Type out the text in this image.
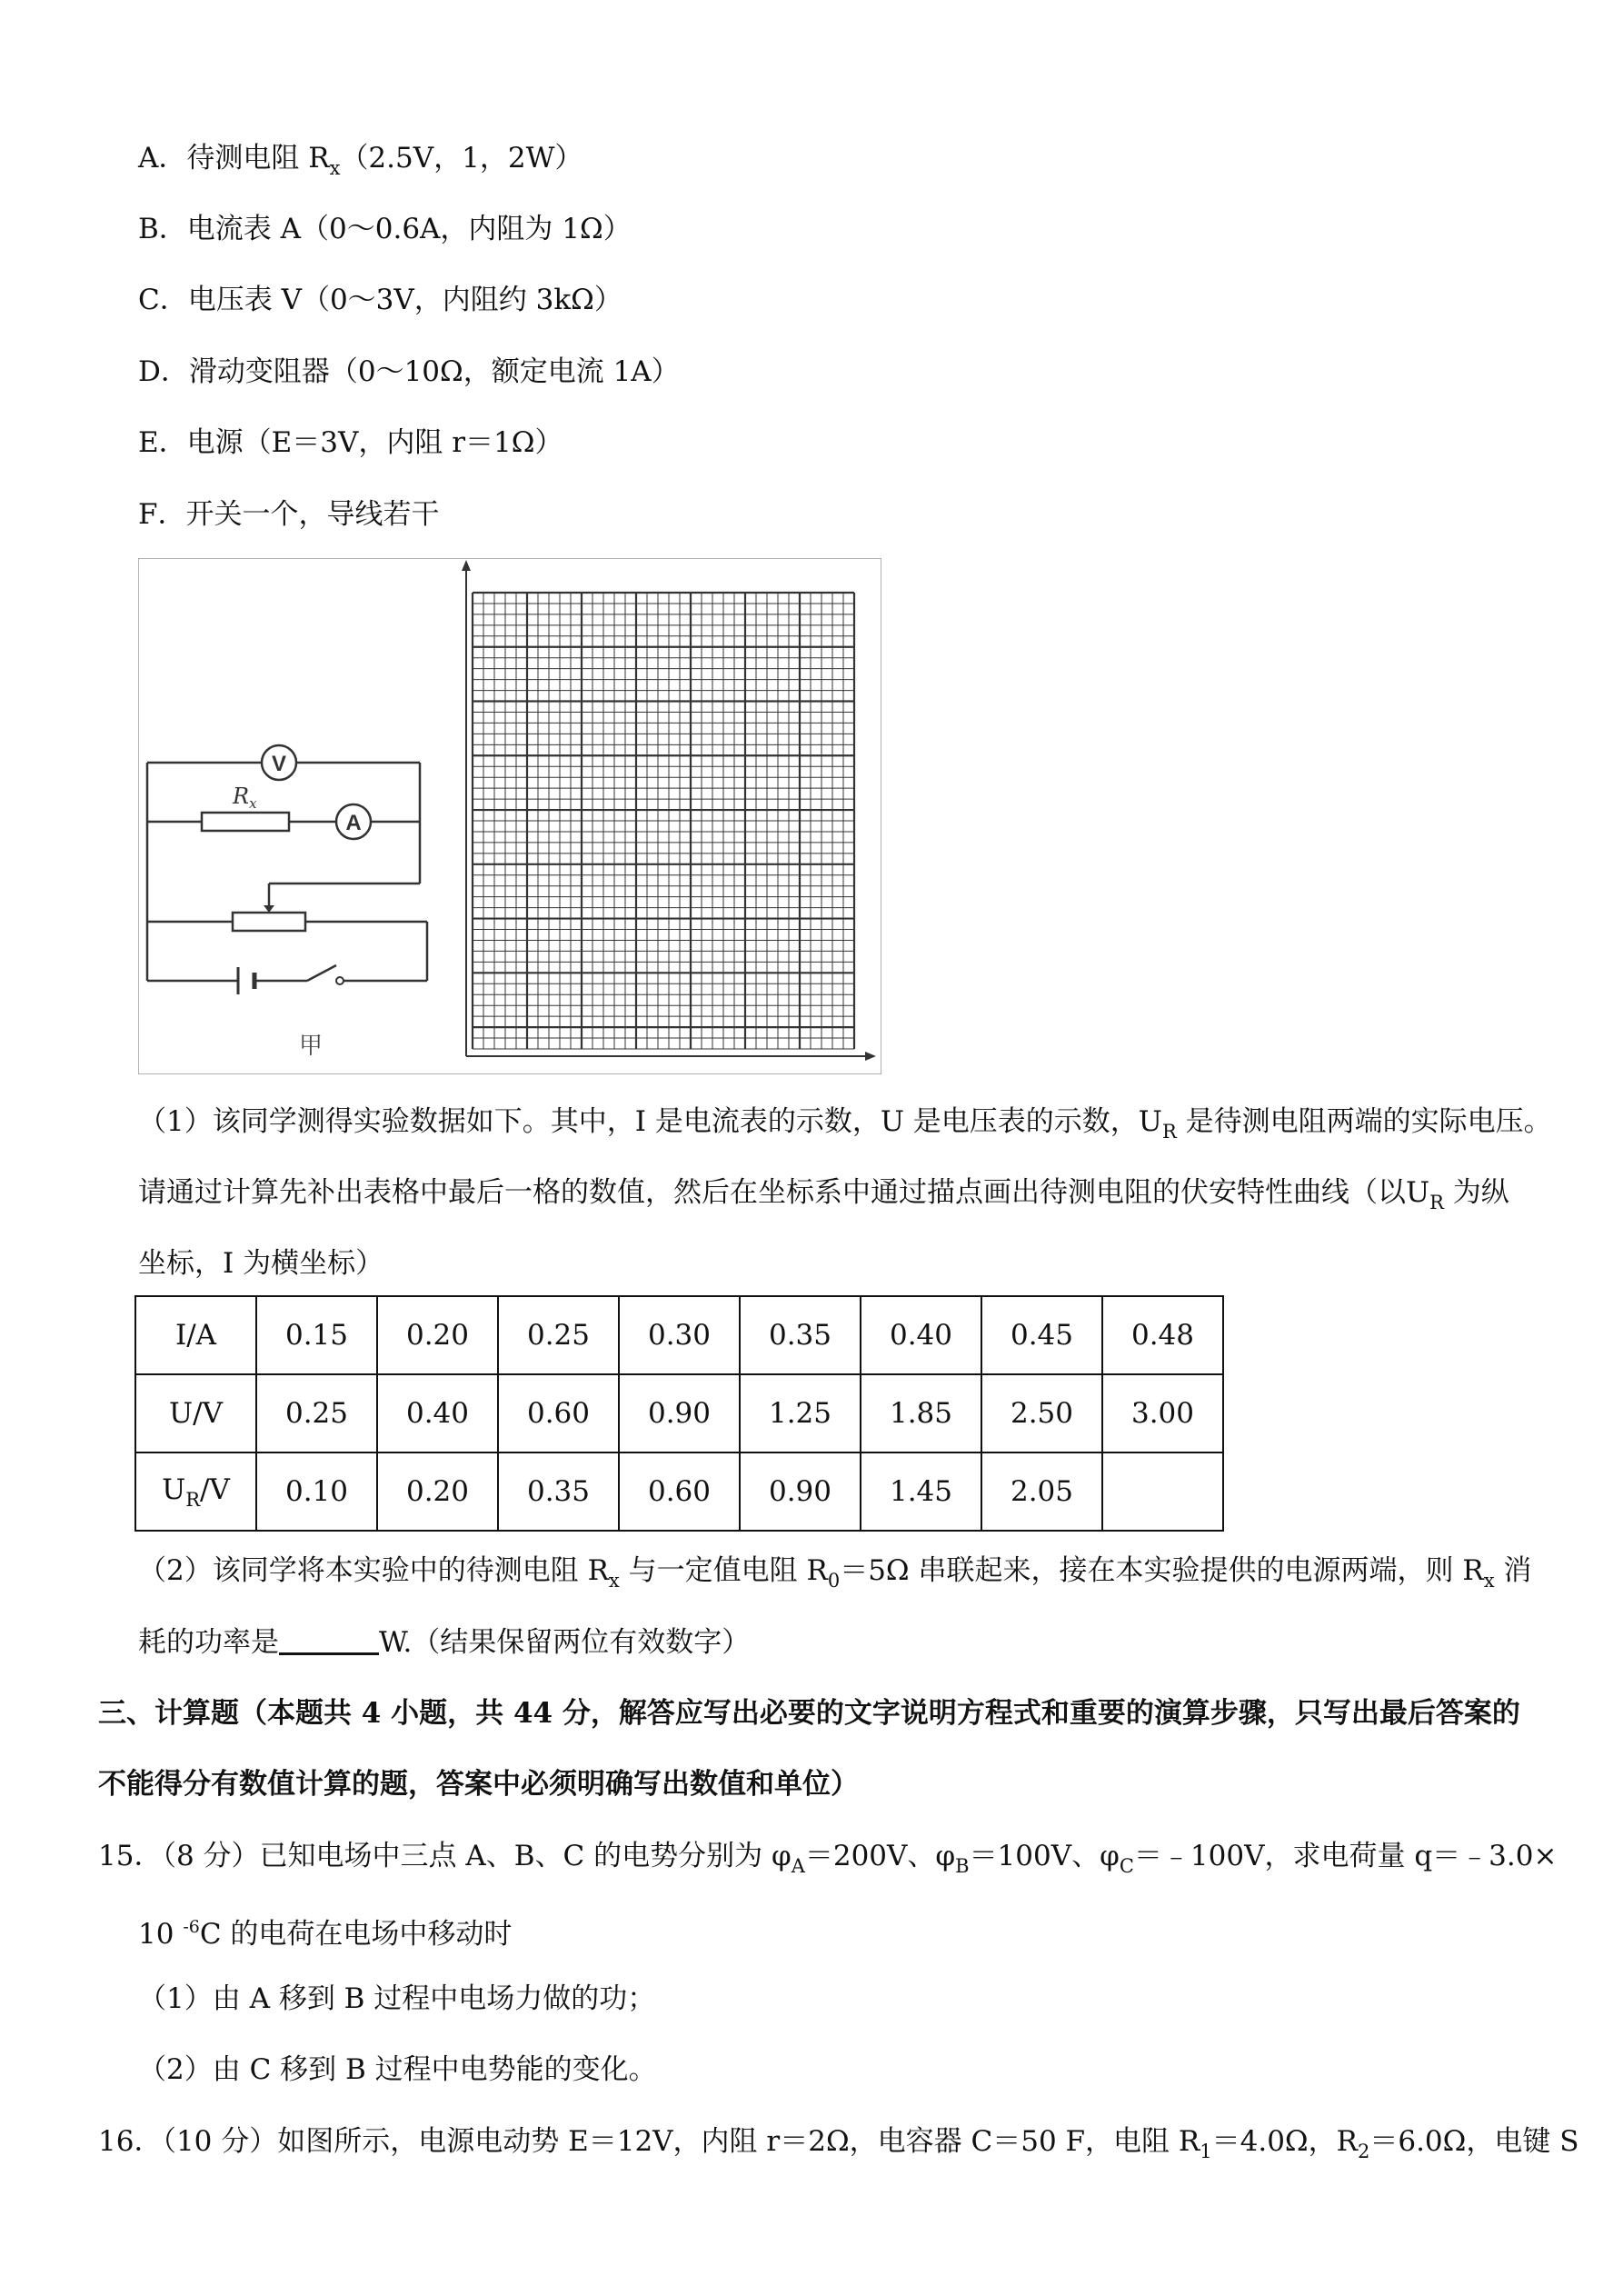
A．待测电阻 $R_x(2.5V$，1，2W）
B．电流表 A（0～0.6A，内阻为 1Ω）
C．电压表 V（0～3V，内阻约 3kΩ）
D．滑动变阻器（0～10Ω，额定电流 1A）
E．电源（E＝3V，内阻 r＝1Ω）
F．开关一个，导线若干
V
A
$R_x$
甲
（1）该同学测得实验数据如下。其中，I 是电流表的示数，U 是电压表的示数，$U_R$ 是待测电阻两端的实际电压。
请通过计算先补出表格中最后一格的数值，然后在坐标系中通过描点画出待测电阻的伏安特性曲线（以$U_R$ 为纵
坐标，I 为横坐标）
I/A	0.15	0.20	0.25	0.30	0.35	0.40	0.45	0.48
U/V	0.25	0.40	0.60	0.90	1.25	1.85	2.50	3.00
$U_R/V$	0.10	0.20	0.35	0.60	0.90	1.45	2.05	
（2）该同学将本实验中的待测电阻 $R_x$ 与一定值电阻 $R_0=5\Omega$ 串联起来，接在本实验提供的电源两端，则 $R_x$ 消
耗的功率是	W.（结果保留两位有效数字）
三、计算题（本题共 4 小题，共 44 分，解答应写出必要的文字说明方程式和重要的演算步骤，只写出最后答案的
不能得分有数值计算的题，答案中必须明确写出数值和单位）
15．（8 分）已知电场中三点 A、B、C 的电势分别为 $\varphi_A=200V$、$\varphi_B=100V$、$\varphi_C=﹣100V$，求电荷量 q＝﹣3.0×
10 $^{-6}$C 的电荷在电场中移动时
（1）由 A 移到 B 过程中电场力做的功；
（2）由 C 移到 B 过程中电势能的变化。
16．（10 分）如图所示，电源电动势 E＝12V，内阻 r＝2Ω，电容器 C＝50 F，电阻 $R_1=4.0\Omega$，$R_2=6.0\Omega$，电键 S
